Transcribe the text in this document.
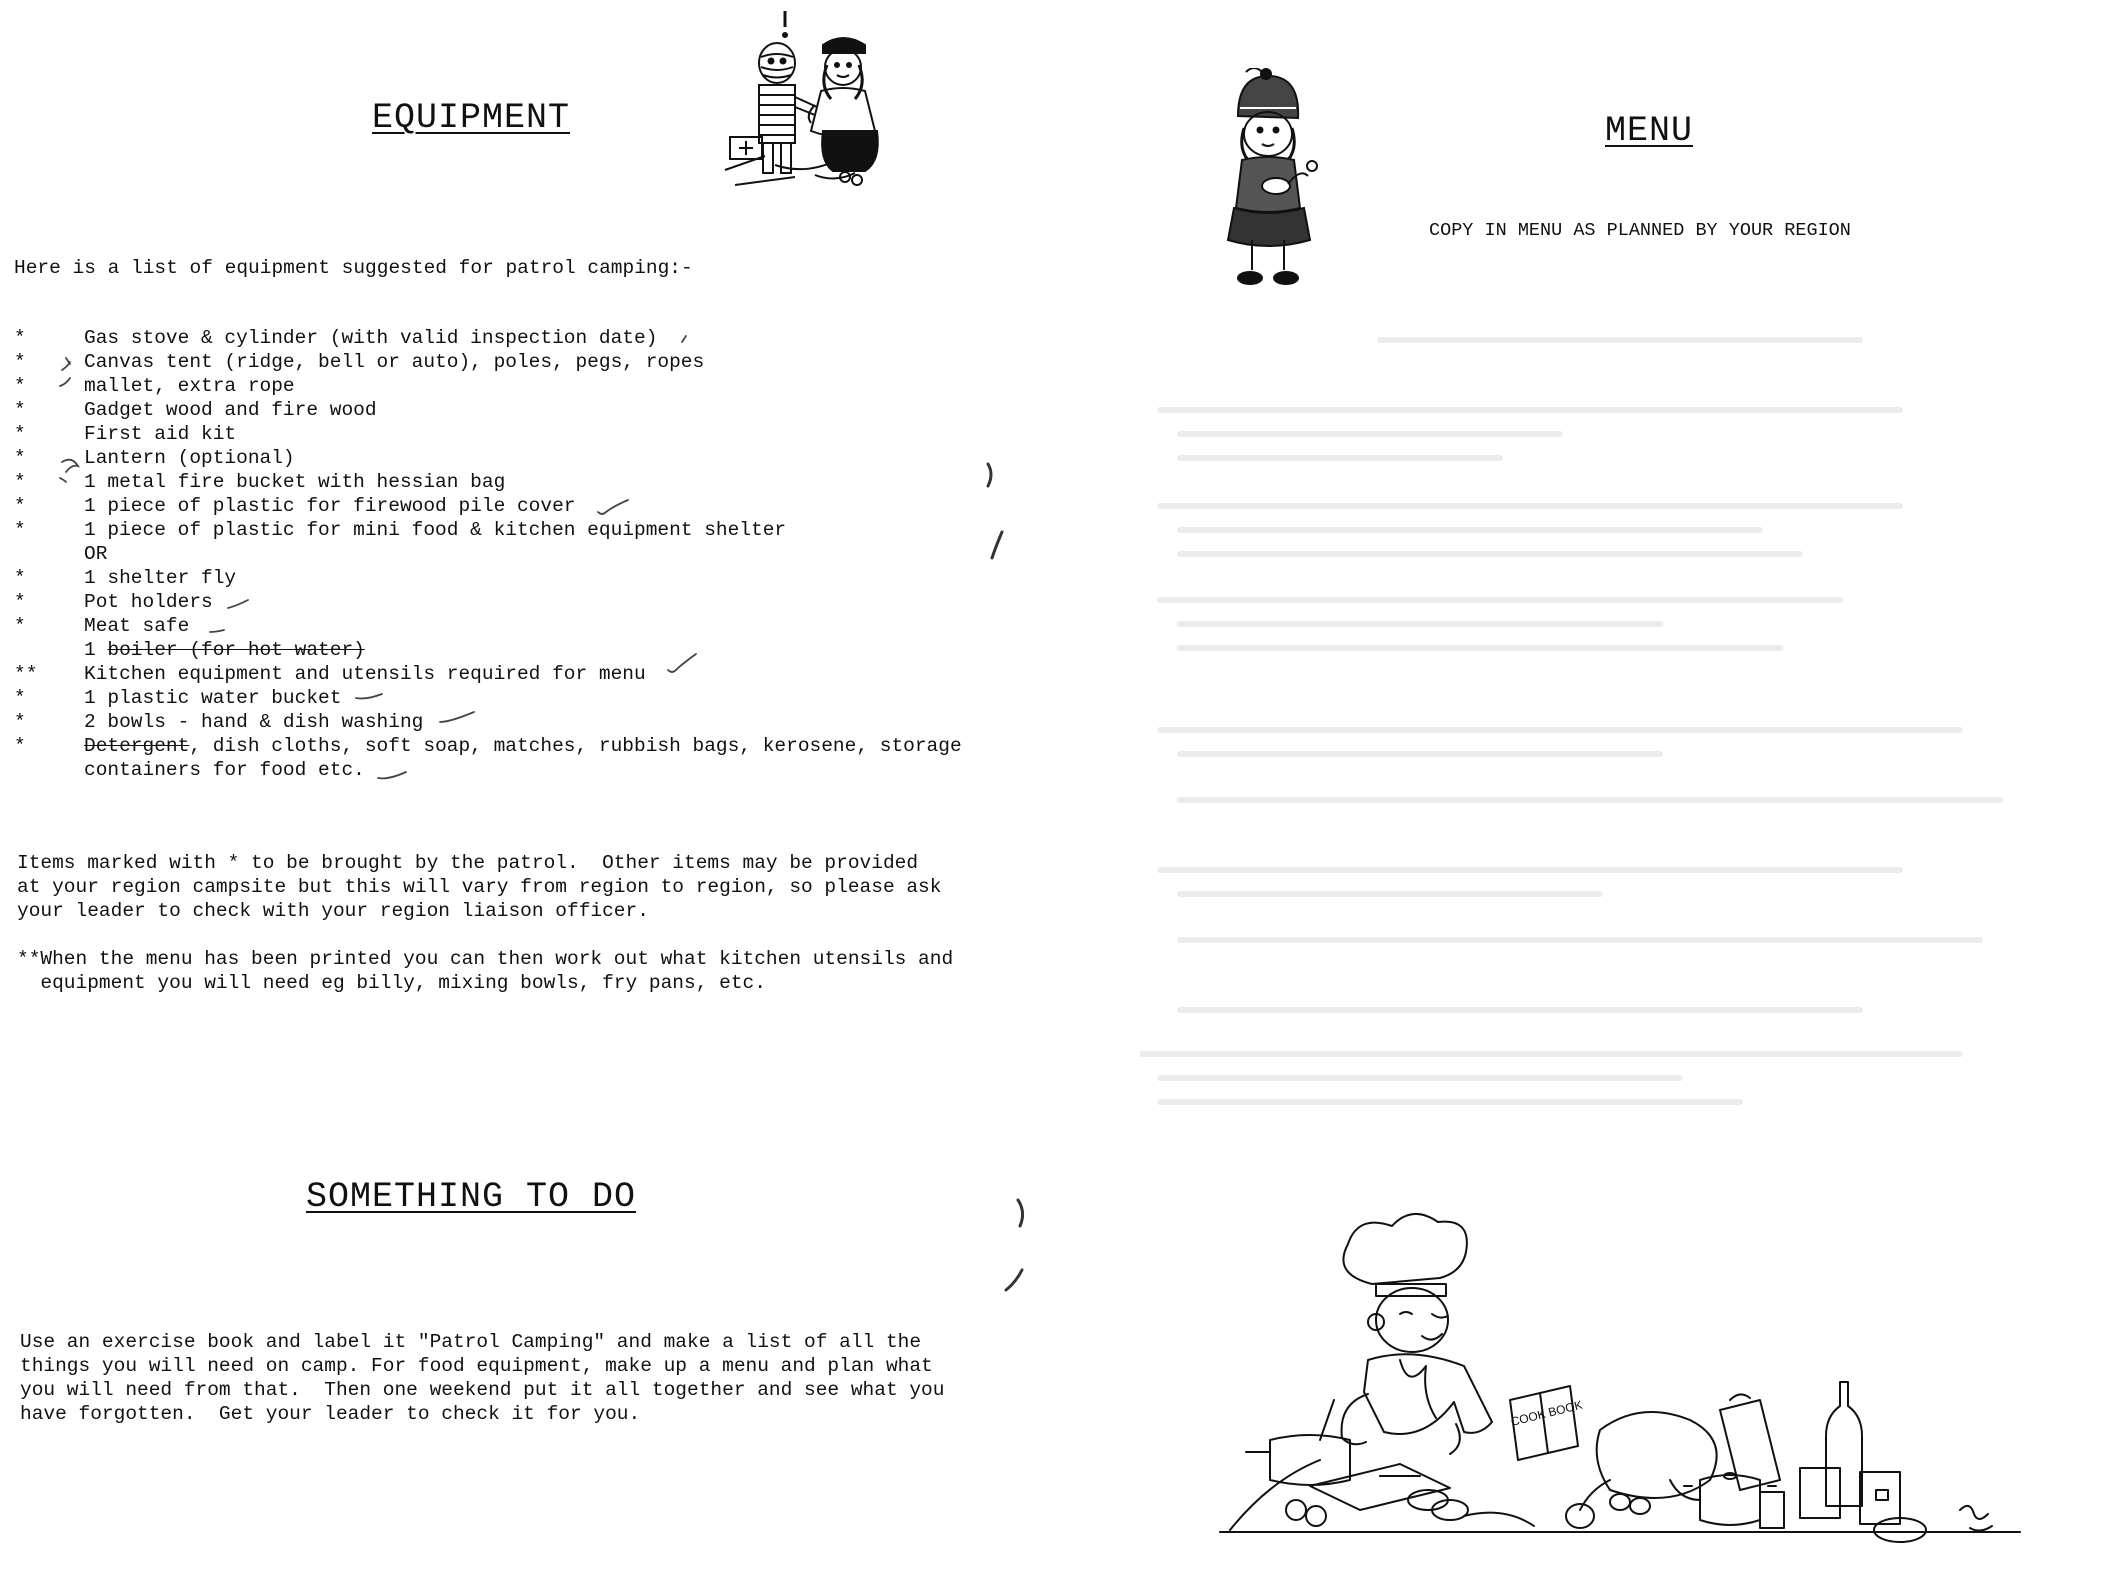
EQUIPMENT
Here is a list of equipment suggested for patrol camping:-
*	Gas stove & cylinder (with valid inspection date)
*	Canvas tent (ridge, bell or auto), poles, pegs, ropes
*	mallet, extra rope
*	Gadget wood and fire wood
*	First aid kit
*	Lantern (optional)
*	1 metal fire bucket with hessian bag
*	1 piece of plastic for firewood pile cover
*	1 piece of plastic for mini food & kitchen equipment shelter
OR
*	1 shelter fly
*	Pot holders
*	Meat safe
1 boiler (for hot water)
** Kitchen equipment and utensils required for menu
*	1 plastic water bucket
*	2 bowls - hand & dish washing
*	Detergent, dish cloths, soft soap, matches, rubbish bags, kerosene, storage
containers for food etc.
Items marked with * to be brought by the patrol.  Other items may be provided
at your region campsite but this will vary from region to region, so please ask
your leader to check with your region liaison officer.
**When the menu has been printed you can then work out what kitchen utensils and
equipment you will need eg billy, mixing bowls, fry pans, etc.
SOMETHING TO DO
Use an exercise book and label it "Patrol Camping" and make a list of all the
things you will need on camp. For food equipment, make up a menu and plan what
you will need from that.  Then one weekend put it all together and see what you
have forgotten.  Get your leader to check it for you.
MENU
COPY IN MENU AS PLANNED BY YOUR REGION
COOK BOOK
